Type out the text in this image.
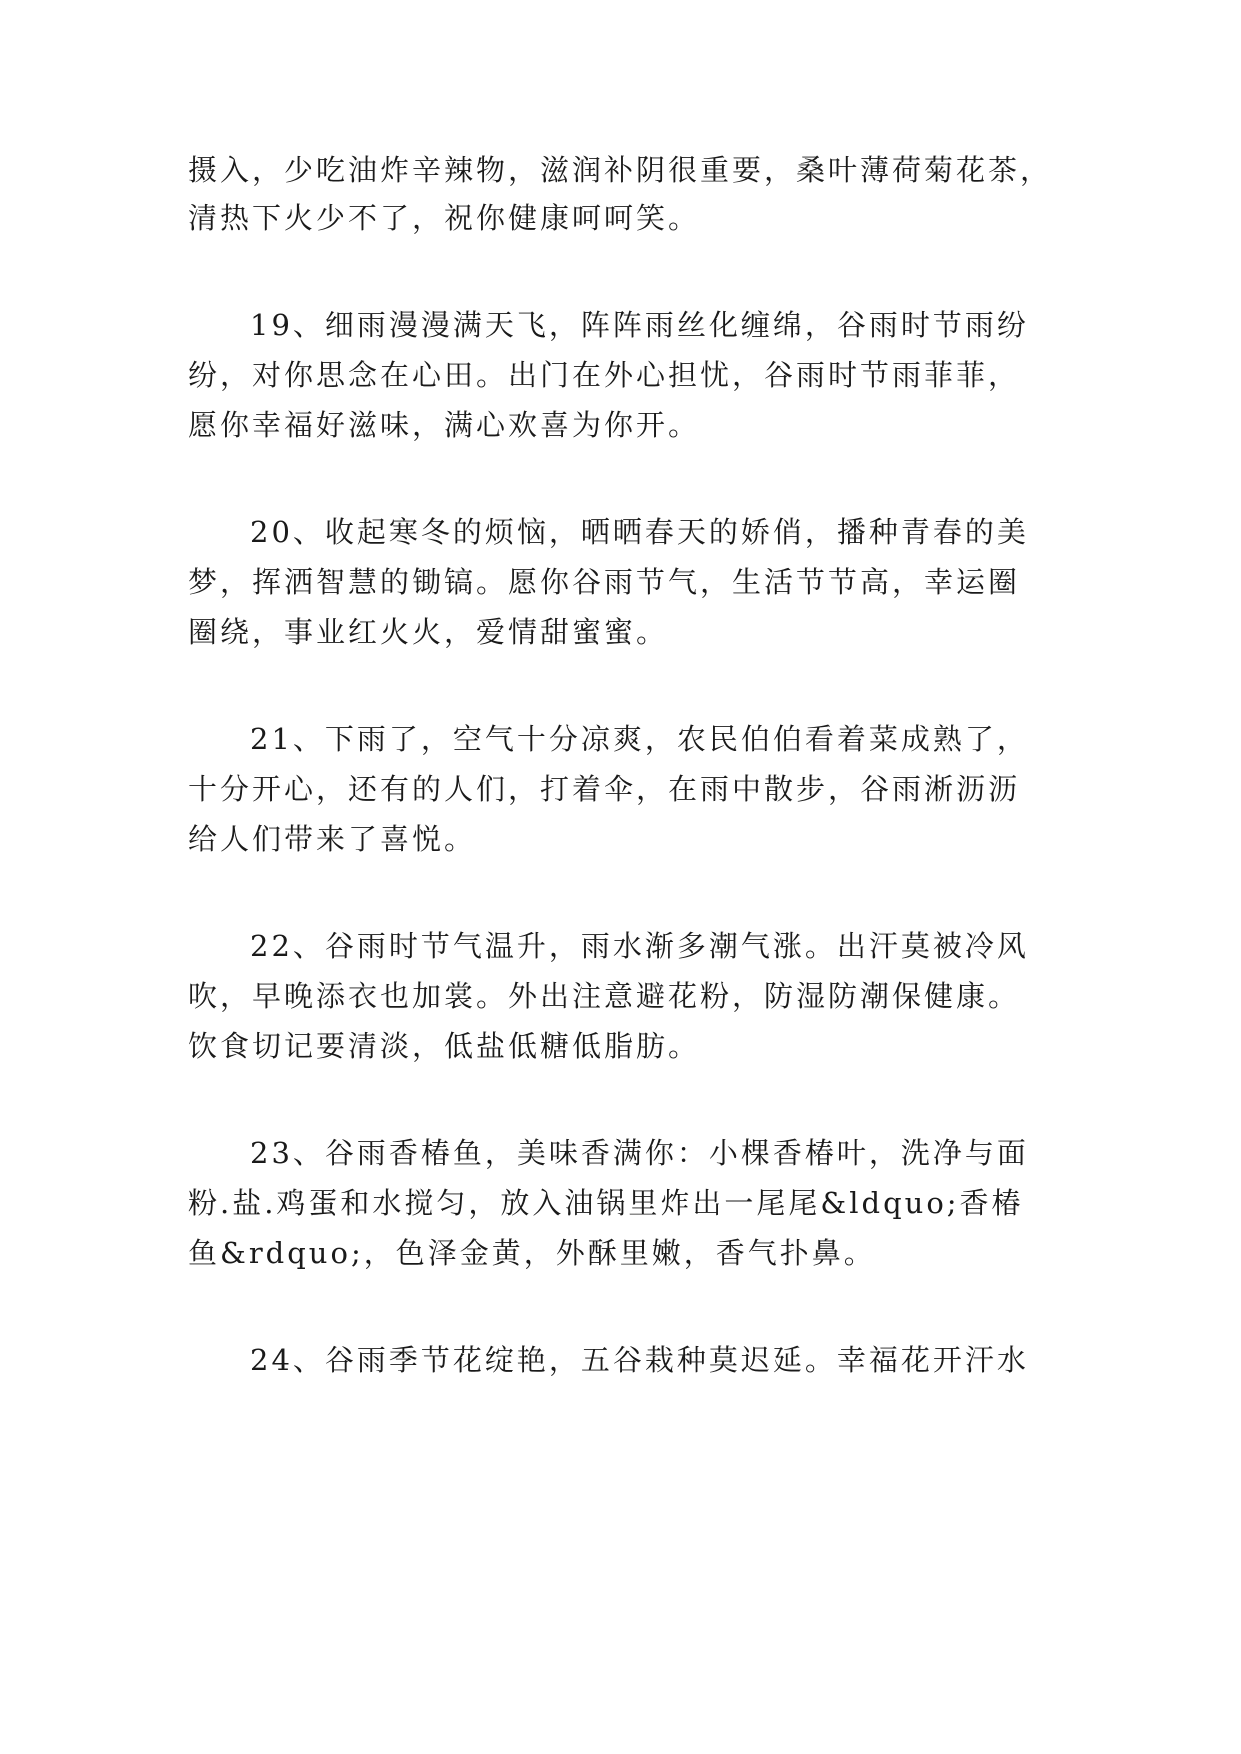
摄入，少吃油炸辛辣物，滋润补阴很重要，桑叶薄荷菊花茶，
清热下火少不了，祝你健康呵呵笑。
19、细雨漫漫满天飞，阵阵雨丝化缠绵，谷雨时节雨纷
纷，对你思念在心田。出门在外心担忧，谷雨时节雨菲菲，
愿你幸福好滋味，满心欢喜为你开。
20、收起寒冬的烦恼，晒晒春天的娇俏，播种青春的美
梦，挥洒智慧的锄镐。愿你谷雨节气，生活节节高，幸运圈
圈绕，事业红火火，爱情甜蜜蜜。
21、下雨了，空气十分凉爽，农民伯伯看着菜成熟了，
十分开心，还有的人们，打着伞，在雨中散步，谷雨淅沥沥
给人们带来了喜悦。
22、谷雨时节气温升，雨水渐多潮气涨。出汗莫被冷风
吹，早晚添衣也加裳。外出注意避花粉，防湿防潮保健康。
饮食切记要清淡，低盐低糖低脂肪。
23、谷雨香椿鱼，美味香满你：小棵香椿叶，洗净与面
粉.盐.鸡蛋和水搅匀，放入油锅里炸出一尾尾&ldquo;香椿
鱼&rdquo;，色泽金黄，外酥里嫩，香气扑鼻。
24、谷雨季节花绽艳，五谷栽种莫迟延。幸福花开汗水
